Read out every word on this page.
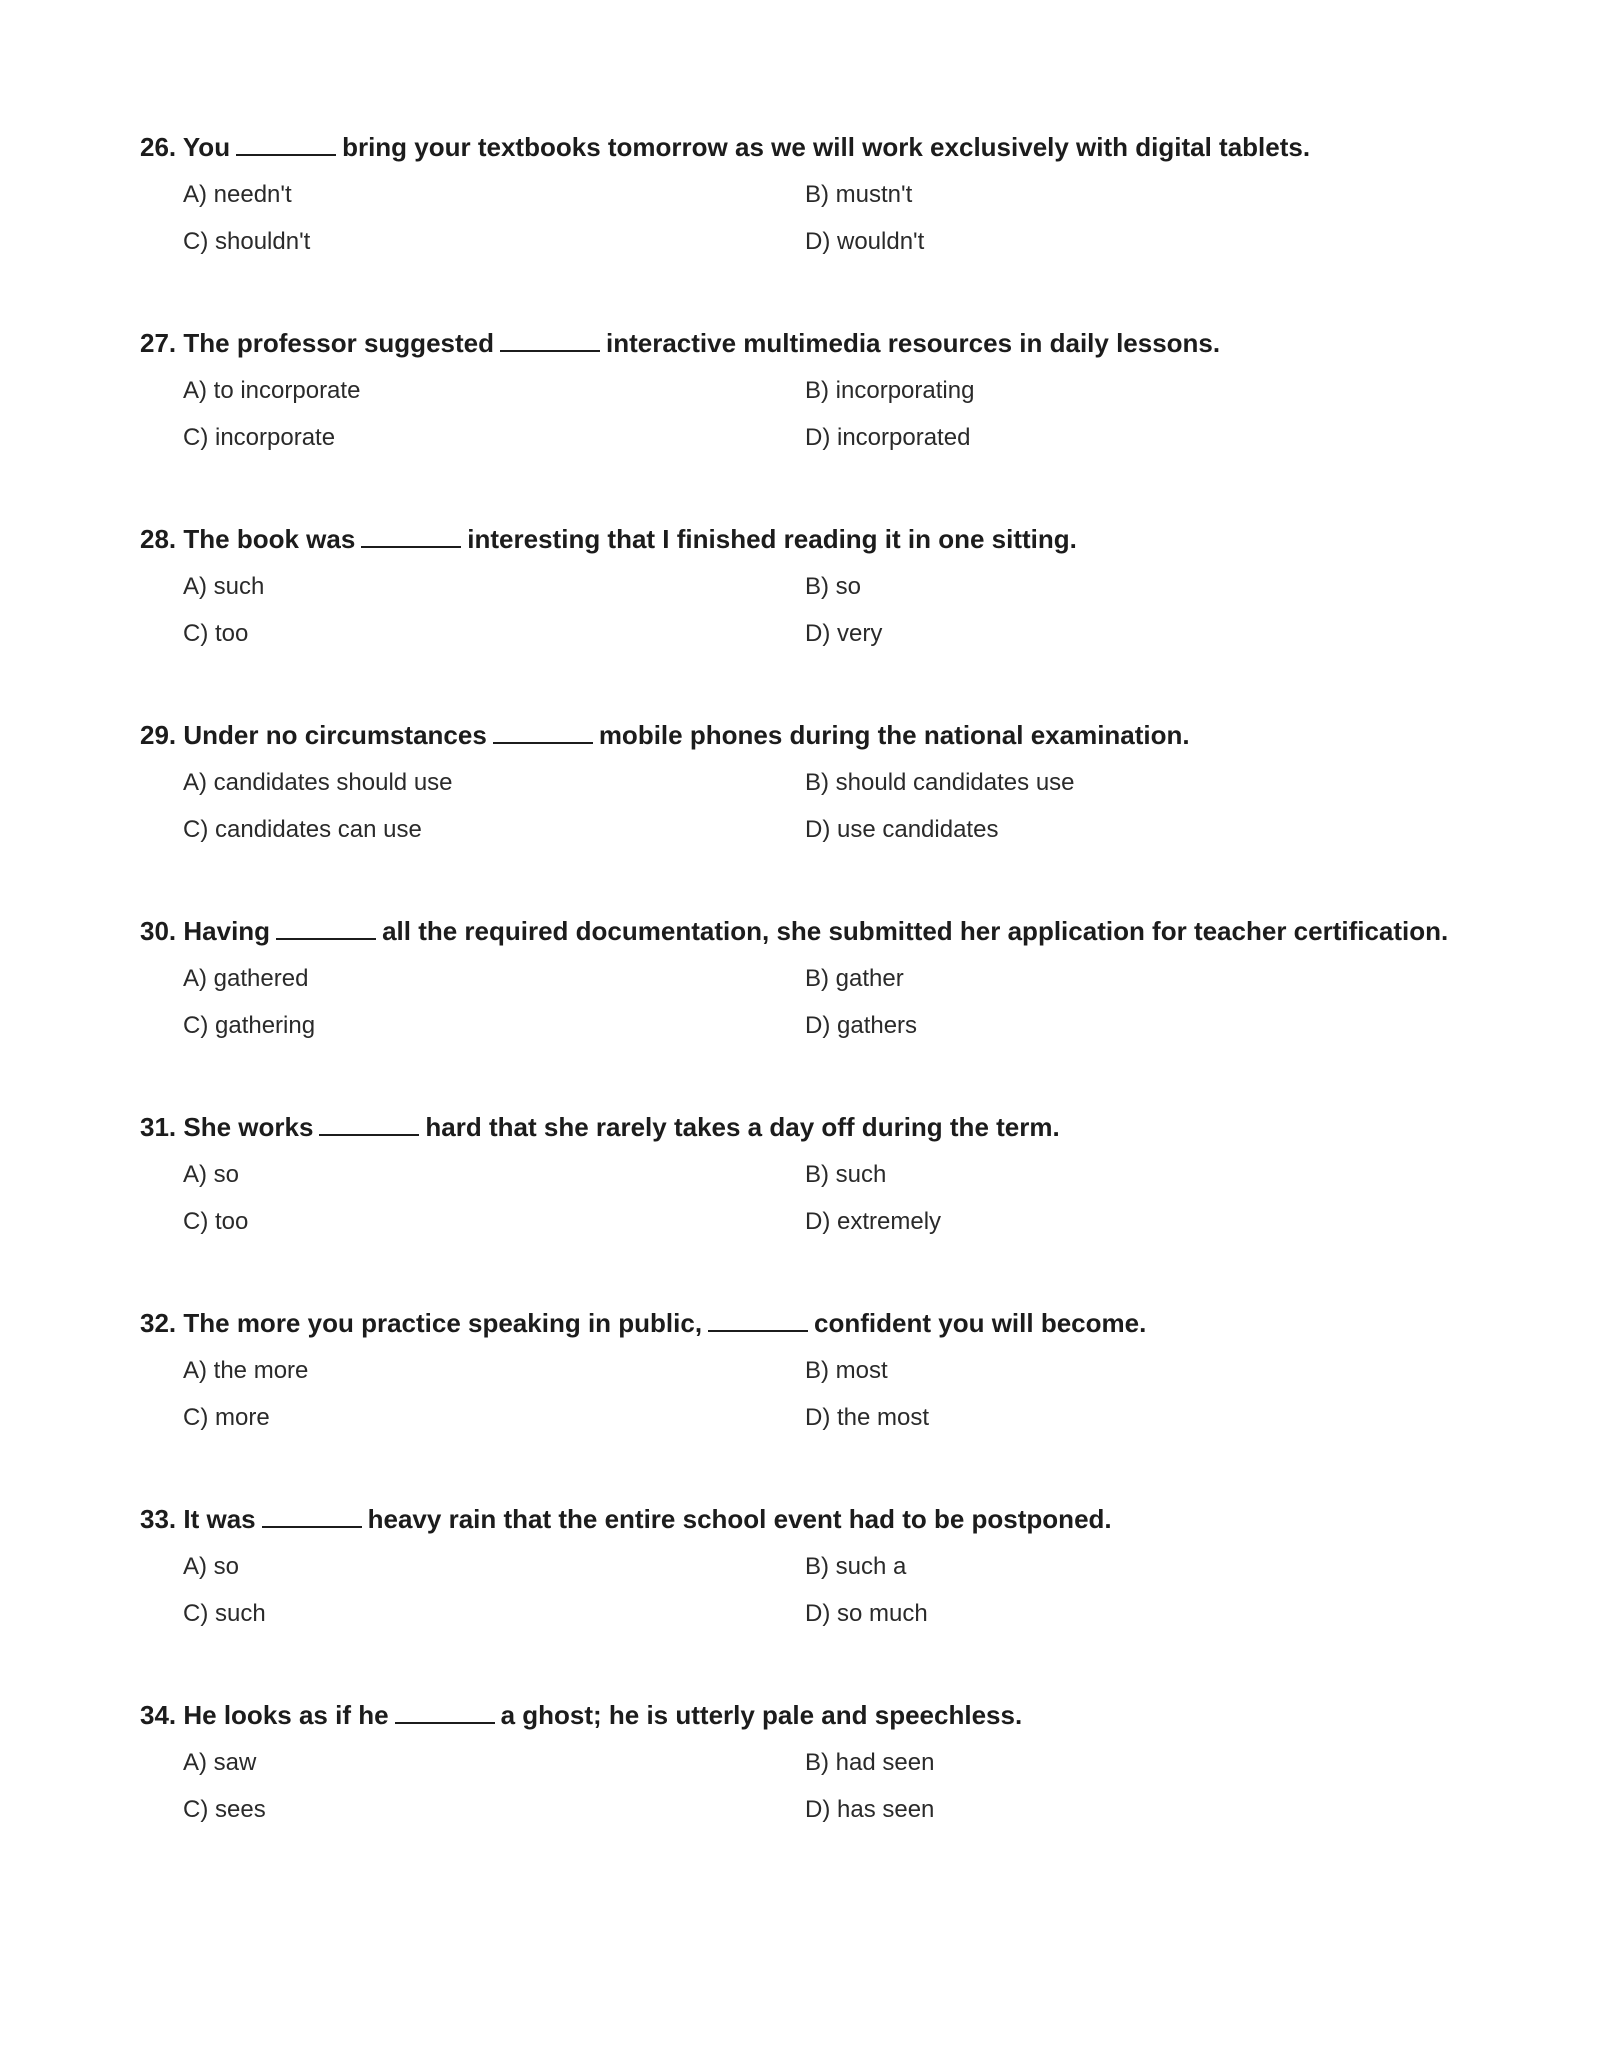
26. You	bring your textbooks tomorrow as we will work exclusively with digital tablets.
A) needn't	B) mustn't
C) shouldn't	D) wouldn't
27. The professor suggested	interactive multimedia resources in daily lessons.
A) to incorporate	B) incorporating
C) incorporate	D) incorporated
28. The book was	interesting that I finished reading it in one sitting.
A) such	B) so
C) too	D) very
29. Under no circumstances	mobile phones during the national examination.
A) candidates should use	B) should candidates use
C) candidates can use	D) use candidates
30. Having	all the required documentation, she submitted her application for teacher certification.
A) gathered	B) gather
C) gathering	D) gathers
31. She works	hard that she rarely takes a day off during the term.
A) so	B) such
C) too	D) extremely
32. The more you practice speaking in public,	confident you will become.
A) the more	B) most
C) more	D) the most
33. It was	heavy rain that the entire school event had to be postponed.
A) so	B) such a
C) such	D) so much
34. He looks as if he	a ghost; he is utterly pale and speechless.
A) saw	B) had seen
C) sees	D) has seen
